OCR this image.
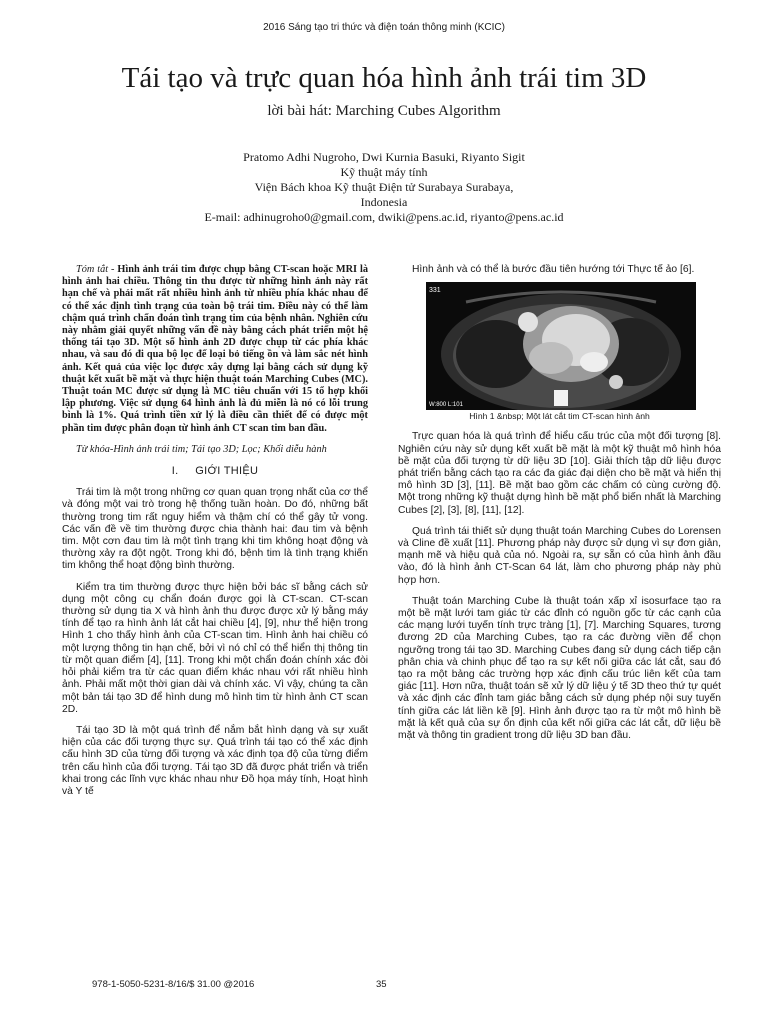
2016 Sáng tạo tri thức và điện toán thông minh (KCIC)
Tái tạo và trực quan hóa hình ảnh trái tim 3D
lời bài hát: Marching Cubes Algorithm
Pratomo Adhi Nugroho, Dwi Kurnia Basuki, Riyanto Sigit
Kỹ thuật máy tính
Viện Bách khoa Kỹ thuật Điện tử Surabaya Surabaya,
Indonesia
E-mail: adhinugroho0@gmail.com, dwiki@pens.ac.id, riyanto@pens.ac.id

Tóm tắt - Hình ảnh trái tim được chụp bằng CT-scan hoặc MRI là hình ảnh hai chiều. Thông tin thu được từ những hình ảnh này rất hạn chế và phải mất rất nhiều hình ảnh từ nhiều phía khác nhau để có thể xác định tình trạng của toàn bộ trái tim. Điều này có thể làm chậm quá trình chẩn đoán tình trạng tim của bệnh nhân. Nghiên cứu này nhằm giải quyết những vấn đề này bằng cách phát triển một hệ thống tái tạo 3D. Một số hình ảnh 2D được chụp từ các phía khác nhau, và sau đó đi qua bộ lọc để loại bỏ tiếng ồn và làm sắc nét hình ảnh. Kết quả của việc lọc được xây dựng lại bằng cách sử dụng kỹ thuật kết xuất bề mặt và thực hiện thuật toán Marching Cubes (MC). Thuật toán MC được sử dụng là MC tiêu chuẩn với 15 tổ hợp khối lập phương. Việc sử dụng 64 hình ảnh là đủ miễn là nó có lỗi trung bình là 1%. Quá trình tiền xử lý là điều cần thiết để có được một phần tim được phân đoạn từ hình ảnh CT scan tim ban đầu.

Từ khóa-Hình ảnh trái tim; Tái tạo 3D; Lọc; Khối diễu hành

I. GIỚI THIỆU

Trái tim là một trong những cơ quan quan trọng nhất của cơ thể và đóng một vai trò trong hệ thống tuần hoàn. Do đó, những bất thường trong tim rất nguy hiểm và thậm chí có thể gây tử vong. Các vấn đề về tim thường được chia thành hai: đau tim và bệnh tim. Một cơn đau tim là một tình trạng khi tim không hoạt động và thường xảy ra đột ngột. Trong khi đó, bệnh tim là tình trạng khiến tim không thể hoạt động bình thường.

Kiểm tra tim thường được thực hiện bởi bác sĩ bằng cách sử dụng một công cụ chẩn đoán được gọi là CT-scan. CT-scan thường sử dụng tia X và hình ảnh thu được được xử lý bằng máy tính để tạo ra hình ảnh lát cắt hai chiều [4], [9], như thể hiện trong Hình 1 cho thấy hình ảnh của CT-scan tim. Hình ảnh hai chiều có một lượng thông tin hạn chế, bởi vì nó chỉ có thể hiển thị thông tin từ một quan điểm [4], [11]. Trong khi một chẩn đoán chính xác đòi hỏi phải kiểm tra từ các quan điểm khác nhau với rất nhiều hình ảnh. Phải mất một thời gian dài và chính xác. Vì vậy, chúng ta cần một bản tái tạo 3D để hình dung mô hình tim từ hình ảnh CT scan 2D.

Tái tạo 3D là một quá trình để nắm bắt hình dạng và sự xuất hiện của các đối tượng thực sự. Quá trình tái tạo có thể xác định cấu hình 3D của từng đối tượng và xác định tọa độ của từng điểm trên cấu hình của đối tượng. Tái tạo 3D đã được phát triển và triển khai trong các lĩnh vực khác nhau như Đồ họa máy tính, Hoạt hình và Y tế

Hình ảnh và có thể là bước đầu tiên hướng tới Thực tế ảo [6].

331
W:800 L:101

Hình 1 &nbsp; Một lát cắt tim CT-scan hình ảnh

Trực quan hóa là quá trình để hiểu cấu trúc của một đối tượng [8]. Nghiên cứu này sử dụng kết xuất bề mặt là một kỹ thuật mô hình hóa bề mặt của đối tượng từ dữ liệu 3D [10]. Giải thích tập dữ liệu được phát triển bằng cách tạo ra các đa giác đại diện cho bề mặt và hiển thị mô hình 3D [3], [11]. Bề mặt bao gồm các chấm có cùng cường độ. Một trong những kỹ thuật dựng hình bề mặt phổ biến nhất là Marching Cubes [2], [3], [8], [11], [12].

Quá trình tái thiết sử dụng thuật toán Marching Cubes do Lorensen và Cline đề xuất [11]. Phương pháp này được sử dụng vì sự đơn giản, mạnh mẽ và hiệu quả của nó. Ngoài ra, sự sẵn có của hình ảnh đầu vào, đó là hình ảnh CT-Scan 64 lát, làm cho phương pháp này phù hợp hơn.

Thuật toán Marching Cube là thuật toán xấp xỉ isosurface tạo ra một bề mặt lưới tam giác từ các đỉnh có nguồn gốc từ các cạnh của các mạng lưới tuyến tính trực tràng [1], [7]. Marching Squares, tương đương 2D của Marching Cubes, tạo ra các đường viền để chọn ngưỡng trong tái tạo 3D. Marching Cubes đang sử dụng cách tiếp cận phân chia và chinh phục để tạo ra sự kết nối giữa các lát cắt, sau đó tạo ra một bảng các trường hợp xác định cấu trúc liên kết của tam giác [11]. Hơn nữa, thuật toán sẽ xử lý dữ liệu ý tế 3D theo thứ tự quét và xác định các đỉnh tam giác bằng cách sử dụng phép nội suy tuyến tính giữa các lát liền kề [9]. Hình ảnh được tạo ra từ một mô hình bề mặt là kết quả của sự ổn định của kết nối giữa các lát cắt, dữ liệu bề mặt và thông tin gradient trong dữ liệu 3D ban đầu.

978-1-5050-5231-8/16/$ 31.00 @2016	35
